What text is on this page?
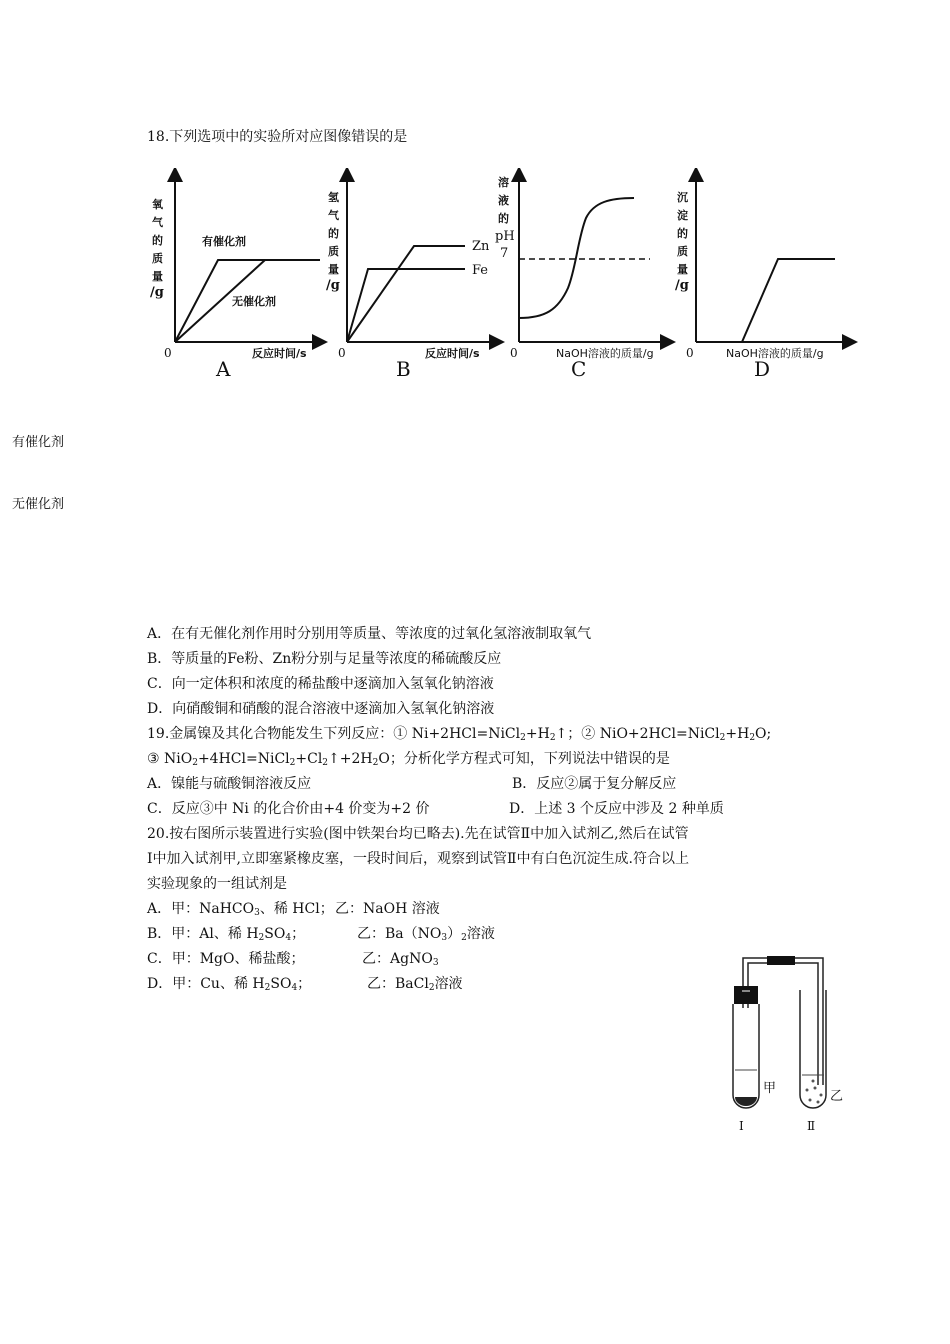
18.下列选项中的实验所对应图像错误的是
氧
气
的
质
量
/g
0	反应时间/s
有催化剂
无催化剂
A
氢
气
的
质
量
/g
0	反应时间/s
Zn
Fe
B
溶
液
的
pH
7
0	NaOH溶液的质量/g
C
沉
淀
的
质
量
/g
0	NaOH溶液的质量/g
D
有催化剂
无催化剂
A．在有无催化剂作用时分别用等质量、等浓度的过氧化氢溶液制取氧气
B．等质量的Fe粉、Zn粉分别与足量等浓度的稀硫酸反应
C．向一定体积和浓度的稀盐酸中逐滴加入氢氧化钠溶液
D．向硝酸铜和硝酸的混合溶液中逐滴加入氢氧化钠溶液
19.金属镍及其化合物能发生下列反应：① $Ni+2HCl=NiCl_2+H_2↑$；② $NiO+2HCl=NiCl_2+H_2O$;
③ $NiO_2+4HCl=NiCl_2+Cl_2↑+2H_2O$；分析化学方程式可知，下列说法中错误的是
A．镍能与硫酸铜溶液反应	B．反应②属于复分解反应
C．反应③中 Ni 的化合价由+4 价变为+2 价	D．上述 3 个反应中涉及 2 种单质
20.按右图所示装置进行实验(图中铁架台均已略去).先在试管Ⅱ中加入试剂乙,然后在试管
Ⅰ中加入试剂甲,立即塞紧橡皮塞，一段时间后，观察到试管Ⅱ中有白色沉淀生成.符合以上
实验现象的一组试剂是
A．甲：NaHCO$_3$、稀 HCl； 乙：NaOH 溶液
B．甲：Al、稀 $H_2SO_4$；	乙：$Ba(NO_3)_2$溶液
C．甲：MgO、稀盐酸；	乙：AgNO$_3$
D．甲：Cu、稀 $H_2SO_4$；	乙：BaCl$_2$溶液
甲
Ⅰ
乙
Ⅱ
